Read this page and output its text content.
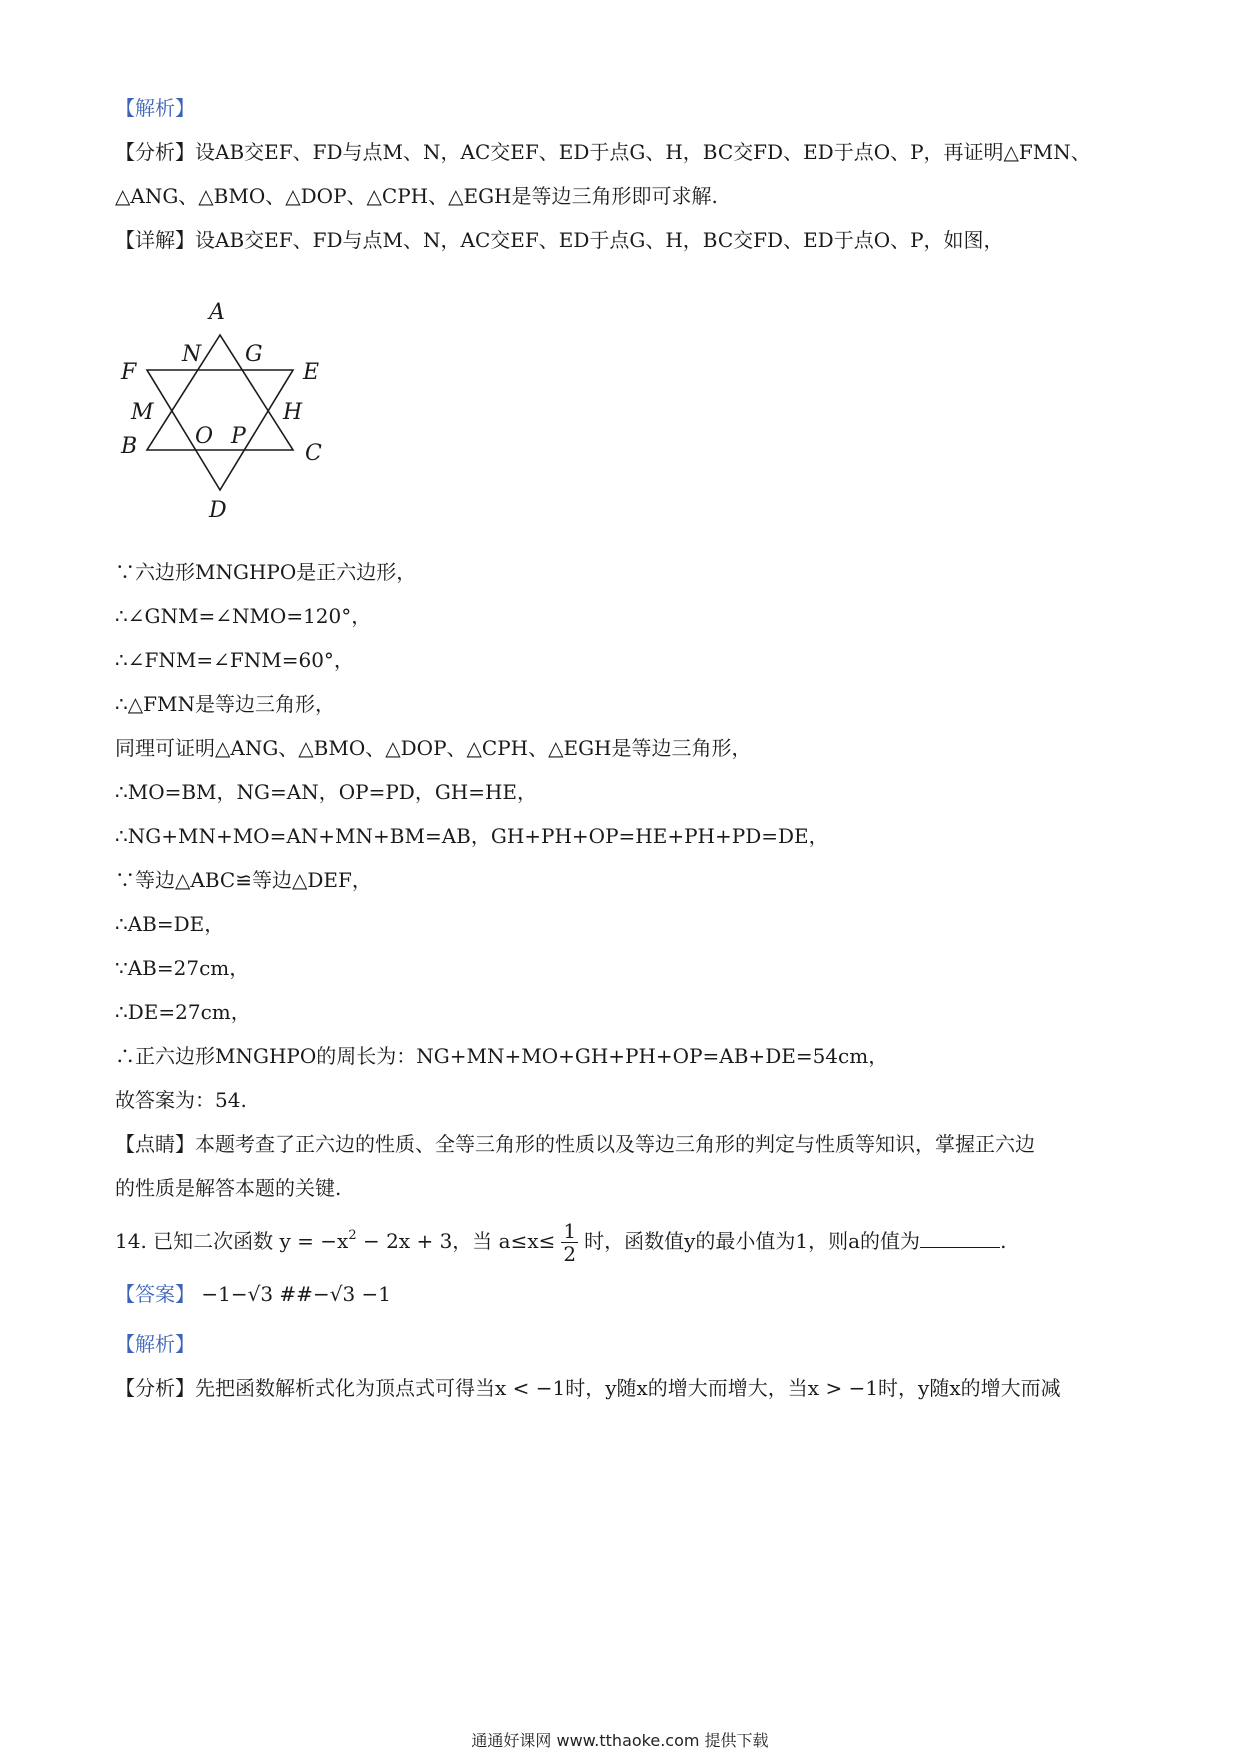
【解析】
【分析】设AB交EF、FD与点M、N，AC交EF、ED于点G、H，BC交FD、ED于点O、P，再证明△FMN、
△ANG、△BMO、△DOP、△CPH、△EGH是等边三角形即可求解.
【详解】设AB交EF、FD与点M、N，AC交EF、ED于点G、H，BC交FD、ED于点O、P，如图，
A
N G
F	E
M	H
B	O P
C
D
∵六边形MNGHPO是正六边形，
∴∠GNM=∠NMO=120°，
∴∠FNM=∠FNM=60°，
∴△FMN是等边三角形，
同理可证明△ANG、△BMO、△DOP、△CPH、△EGH是等边三角形，
∴MO=BM，NG=AN，OP=PD，GH=HE，
∴NG+MN+MO=AN+MN+BM=AB，GH+PH+OP=HE+PH+PD=DE，
∵等边△ABC≌等边△DEF，
∴AB=DE，
∵AB=27cm，
∴DE=27cm，
∴正六边形MNGHPO的周长为：NG+MN+MO+GH+PH+OP=AB+DE=54cm，
故答案为：54.
【点睛】本题考查了正六边的性质、全等三角形的性质以及等边三角形的判定与性质等知识，掌握正六边
的性质是解答本题的关键.
14. 已知二次函数 $y = -x^2 - 2x + 3$，当 $a\le x\le \frac{1}{2}$ 时，函数值y的最小值为1，则a的值为	.
【答案】 −1−√3 ##−√3 −1
【解析】
【分析】先把函数解析式化为顶点式可得当x < −1时，y随x的增大而增大，当x > −1时，y随x的增大而减
通通好课网 www.tthaoke.com 提供下载
